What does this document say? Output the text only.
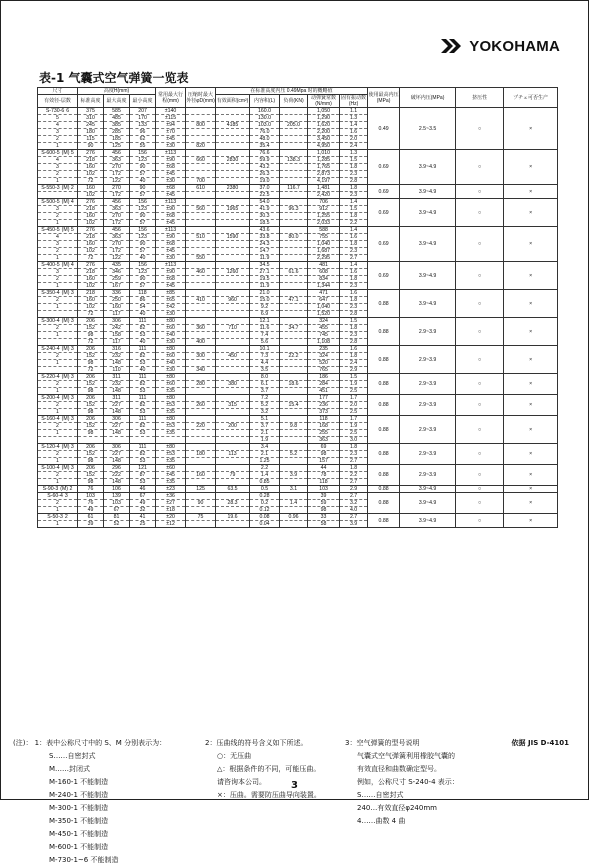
YOKOHAMA
表-1 气囊式空气弹簧一览表
尺寸	高度H(mm)			常用最大行程(mm)	压缩时最大外径φD(mm)	在标准高度内压 0.49Mpa 时的概略值					使用最高内压(MPa)	破坏内压(MPa)	挤压性	プチェ可否生产
有效径-层数	标准高度	最大高度	最小高度			有效面积(cm²)	内容积(L)	负荷(KN)	动弹簧常数(N/mm)	固有振动数(Hz)				
S-730-6 6	375	585	207	±140			160.0		1,050	1.1	0.49	2.5~3.5	○	×
5	310	485	170	±115			130.0		1,290	1.3				
4	245	385	133	±94	800	4185	103.0	205.0	1,620	1.4				
3	180	285	96	±70			76.0		2,200	1.6				
2	115	185	62	±45			48.0		3,450	2.0				
1	90	125	55	±30	820		35.4		4,950	2.4				
S-600-5 (M) 5	276	456	156	±113			76.6		1,010	1.3	0.69	3.9~4.9	○	×
4	218	363	123	±90	660	2830	59.9	138.3	1,285	1.5				
3	160	270	90	±68			43.2		1,765	1.8				
2	102	172	57	±45			26.3		2,873	2.3				
1	72	122	40	±30	700		19.0		4,197	2.8				
S-550-3 (M) 2	160	270	90	±68	610	2380	37.0	116.7	1,481	1.8	0.69	3.9~4.9	○	×
	102	172	57	±45			22.5		2,420	2.3				
S-500-5 (M) 4	276	456	156	±113			54.0		706	1.4	0.69	3.9~4.9	○	×
3	218	363	123	±90	560	1965	41.9	96.3	912	1.5				
2	160	270	90	±68			30.3		1,255	1.8				
1	102	172	57	±45			18.5		2,033	2.2				
S-450-5 (M) 5	276	456	156	±113			43.6		588	1.4	0.69	3.9~4.9	○	×
4	218	363	123	±90	510	1590	33.8	80.0	755	1.6				
3	160	270	90	±68			24.3		1,040	1.8				
2	102	172	57	±45			14.7		1,687	2.3				
1	72	122	40	±30	550		11.9		2,295	2.7				
S-400-5 (M) 4	276	435	156	±113			34.5		481	1.4	0.69	3.9~4.9	○	×
3	218	346	123	±90	460	1260	27.1	61.6	608	1.6				
2	160	259	90	±68			19.5		834	1.8				
1	102	167	57	±45			11.9		1,344	2.3				
S-350-4 (M) 3	218	336	118	±85			21.0		471	1.6	0.88	3.9~4.9	○	×
2	160	250	86	±65	410	960	15.0	47.1	647	1.8				
1	102	160	54	±42			9.2		1,040	2.3				
	72	117	40	±30			6.9		1,520	2.8				
S-300-4 (M) 3	206	306	111	±80			12.1		324	1.5	0.88	2.9~3.9	○	×
2	152	242	82	±60	360	710	11.6	34.7	455	1.8				
1	98	158	53	±40			7.4		745	2.3				
	72	117	40	±30	400		5.6		1,108	2.8				
S-240-4 (M) 3	206	316	111	±80			10.1		235	1.6	0.88	2.9~3.9	○	×
2	152	232	82	±60	300	450	7.3	22.2	324	1.8				
1	98	148	53	±40			4.4		520	2.4				
	72	110	40	±30	340		3.5		765	2.9				
S-220-4 (M) 3	206	311	111	±80			8.0		186	1.5	0.88	2.9~3.9	○	×
2	152	232	82	±60	280	380	6.1	18.6	284	1.9				
1	98	148	53	±35			3.7		451	2.5				
S-200-4 (M) 3	206	311	111	±80			7.2		177	1.7	0.88	2.9~3.9	○	×
2	152	227	82	±53	260	315	5.2	15.4	236	2.0				
1	98	148	53	±35			3.2		373	2.5				
S-160-4 (M) 3	206	306	111	±80			5.1		118	1.7	0.88	2.9~3.9	○	×
2	152	227	82	±53	220	200	3.7	9.8	168	1.9				
1	98	148	53	±35			2.1		255	2.5				
							1.9		363	3.0				
S-120-4 (M) 3	206	306	111	±80			3.4		69	1.8	0.88	2.9~3.9	○	×
2	152	227	82	±53	180	113	2.1	5.2	98	2.3				
1	98	148	53	±35			1.25		157	2.7				
S-100-4 (M) 3	206	296	121	±60			2.2		44	1.8	0.88	2.9~3.9	○	×
2	152	222	87	±45	160	79	1.4	3.9	78	2.2				
1	98	148	53	±35			0.85		118	2.7				
S-90-3 (M) 2	76	106	46	±23	125	63.5	0.5	3.1	103	2.9	0.88	3.9~4.9	○	×
S-60-4 3	103	139	67	±36			0.28		39	2.7	0.88	3.9~4.9	○	×
2	76	103	49	±27	90	28.3	0.2	1.4	59	3.2				
1	49	67	32	±18			0.12		98	4.0				
S-50-3 2	61	81	41	±20	75	19.6	0.08	0.96	33	2.7	0.88	3.9~4.9	○	×
1	39	52	25	±12			0.04		58	3.9				
(注)： 1：表中公称尺寸中的 S、M 分别表示为：
S……自密封式
M……封闭式
M-160-1 不能制造
M-240-1 不能制造
M-300-1 不能制造
M-350-1 不能制造
M-450-1 不能制造
M-600-1 不能制造
M-730-1~6 不能制造
2：压曲线的符号含义如下所述。
○：无压曲
△：根据条件的不同，可能压曲。
请咨询本公司。
×：压曲。需要防压曲导向装置。
3：空气弹簧的型号说明
气囊式空气弹簧利用橡胶气囊的
有效直径和曲数确定型号。
例如，公称尺寸 S-240-4 表示：
S……自密封式
240…有效直径φ240mm
4……曲数 4 曲
依据 JIS D-4101
3
